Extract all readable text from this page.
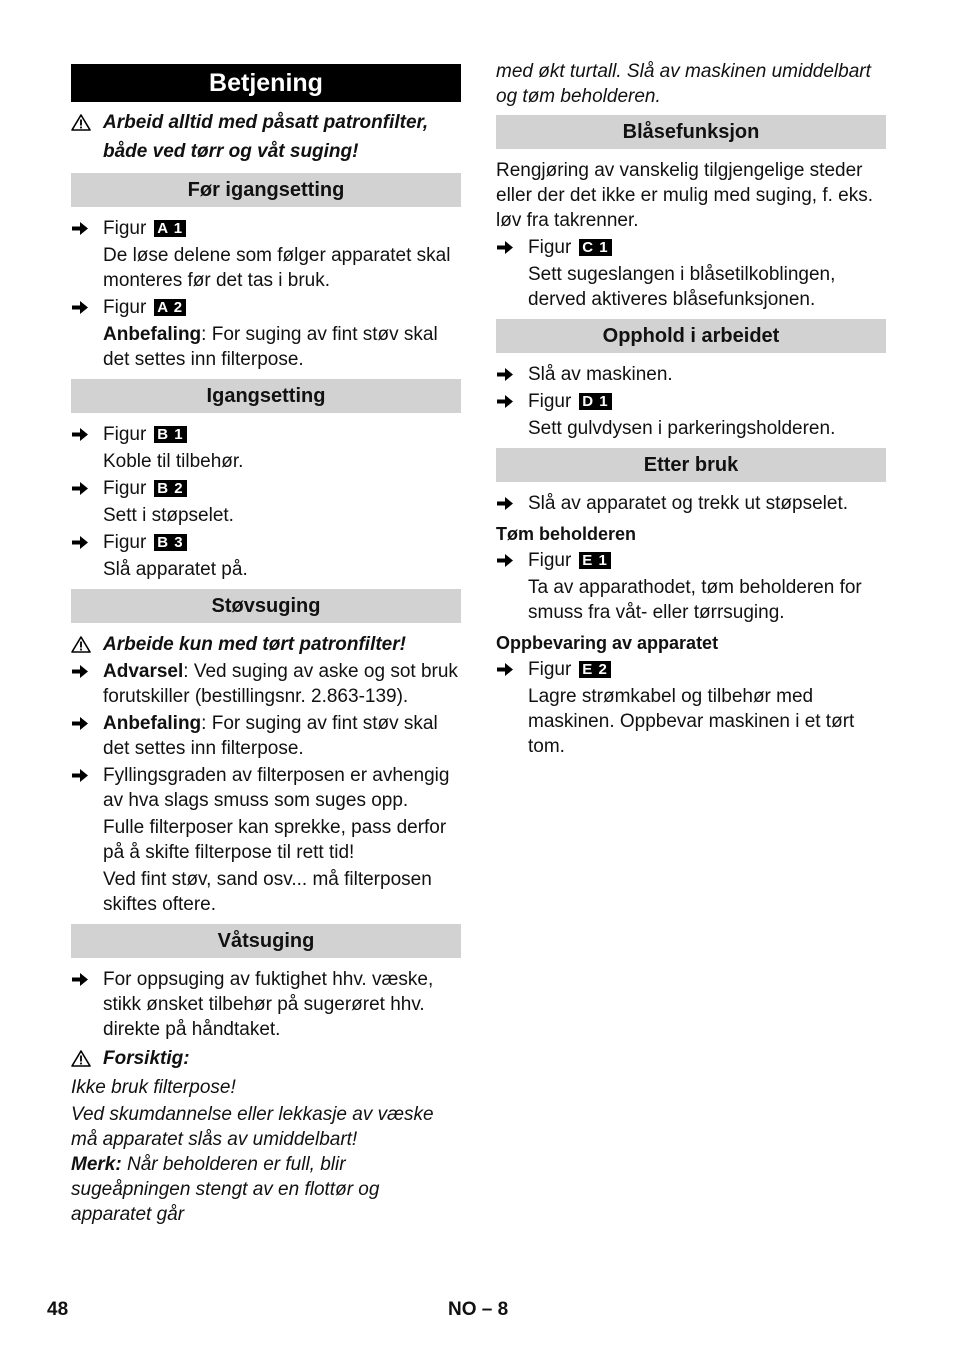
Betjening
Arbeid alltid med påsatt patronfilter, både ved tørr og våt suging!
Før igangsetting
Figur A 1
De løse delene som følger apparatet skal monteres før det tas i bruk.
Figur A 2
Anbefaling: For suging av fint støv skal det settes inn filterpose.
Igangsetting
Figur B 1
Koble til tilbehør.
Figur B 2
Sett i støpselet.
Figur B 3
Slå apparatet på.
Støvsuging
Arbeide kun med tørt patronfilter!
Advarsel: Ved suging av aske og sot bruk forutskiller (bestillingsnr. 2.863-139).
Anbefaling: For suging av fint støv skal det settes inn filterpose.
Fyllingsgraden av filterposen er avhengig av hva slags smuss som suges opp.
Fulle filterposer kan sprekke, pass derfor på å skifte filterpose til rett tid!
Ved fint støv, sand osv... må filterposen skiftes oftere.
Våtsuging
For oppsuging av fuktighet hhv. væske, stikk ønsket tilbehør på sugerøret hhv. direkte på håndtaket.
Forsiktig:
Ikke bruk filterpose!
Ved skumdannelse eller lekkasje av væske må apparatet slås av umiddelbart!
Merk: Når beholderen er full, blir sugeåpningen stengt av en flottør og apparatet går
med økt turtall. Slå av maskinen umiddelbart og tøm beholderen.
Blåsefunksjon
Rengjøring av vanskelig tilgjengelige steder eller der det ikke er mulig med suging, f. eks. løv fra takrenner.
Figur C 1
Sett sugeslangen i blåsetilkoblingen, derved aktiveres blåsefunksjonen.
Opphold i arbeidet
Slå av maskinen.
Figur D 1
Sett gulvdysen i parkeringsholderen.
Etter bruk
Slå av apparatet og trekk ut støpselet.
Tøm beholderen
Figur E 1
Ta av apparathodet, tøm beholderen for smuss fra våt- eller tørrsuging.
Oppbevaring av apparatet
Figur E 2
Lagre strømkabel og tilbehør med maskinen. Oppbevar maskinen i et tørt tom.
48	NO – 8
